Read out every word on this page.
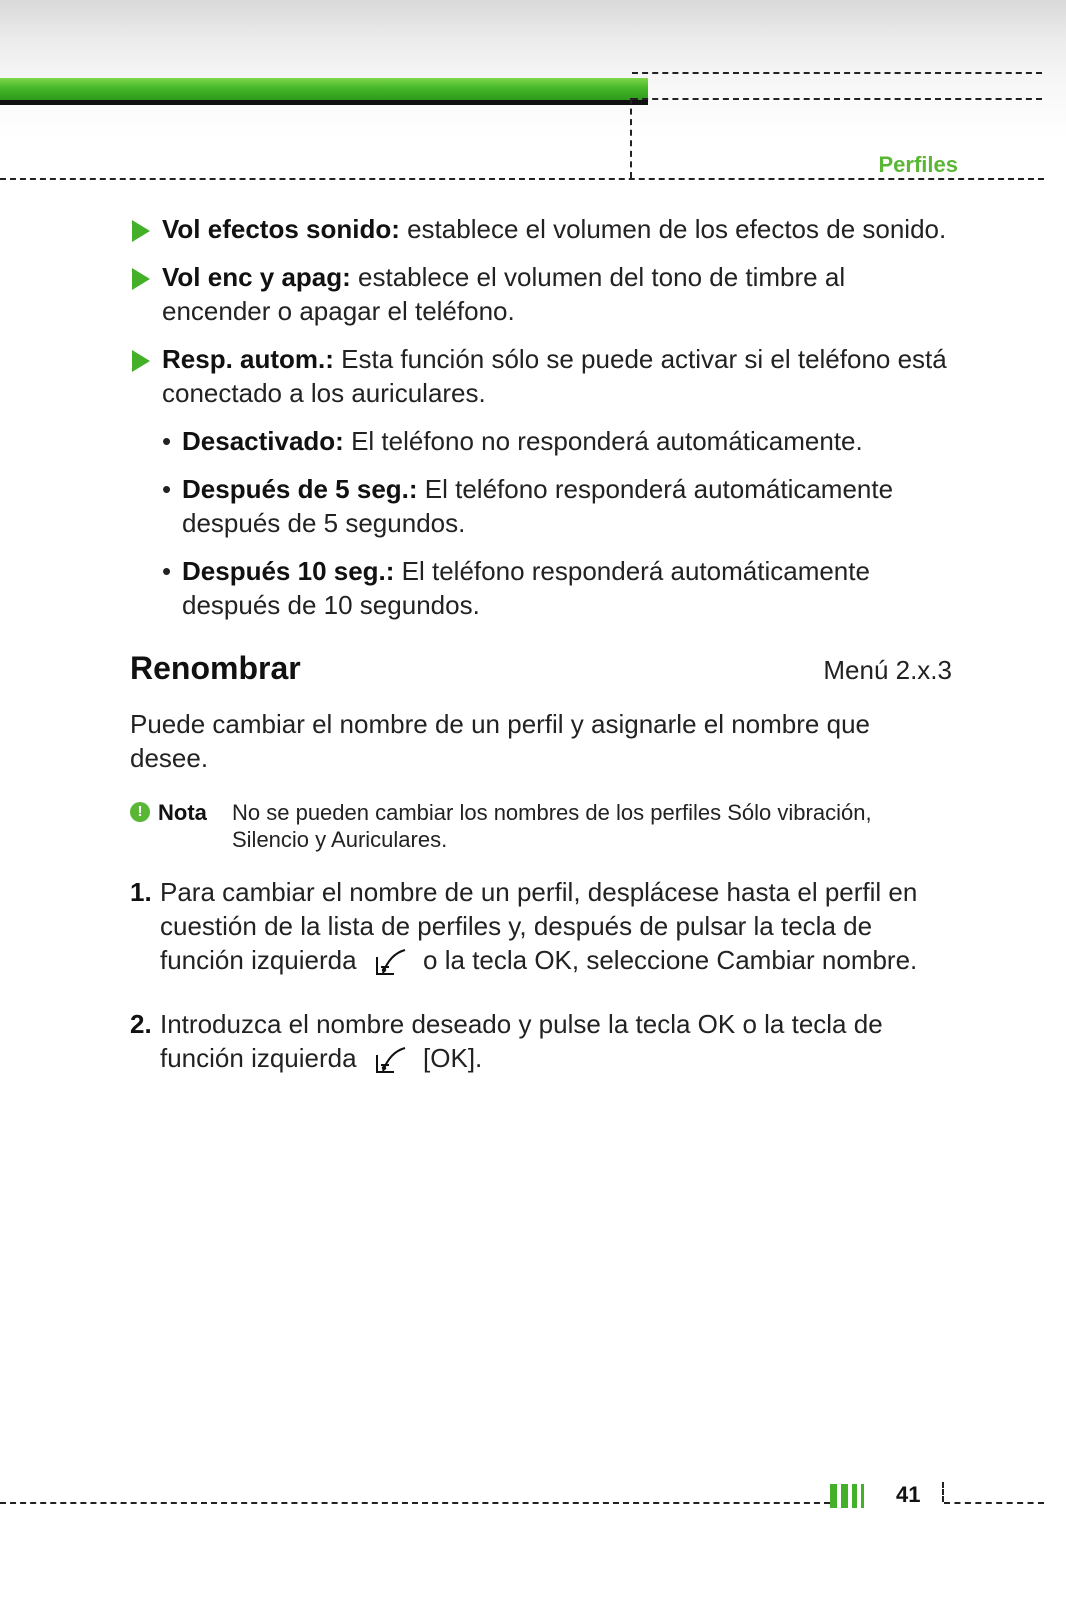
Perfiles
Vol efectos sonido: establece el volumen de los efectos de sonido.
Vol enc y apag: establece el volumen del tono de timbre al encender o apagar el teléfono.
Resp. autom.: Esta función sólo se puede activar si el teléfono está conectado a los auriculares.
• Desactivado: El teléfono no responderá automáticamente.
• Después de 5 seg.: El teléfono responderá automáticamente después de 5 segundos.
• Después 10 seg.: El teléfono responderá automáticamente después de 10 segundos.
Renombrar	Menú 2.x.3
Puede cambiar el nombre de un perfil y asignarle el nombre que desee.
! Nota	No se pueden cambiar los nombres de los perfiles Sólo vibración, Silencio y Auriculares.
1. Para cambiar el nombre de un perfil, desplácese hasta el perfil en cuestión de la lista de perfiles y, después de pulsar la tecla de función izquierda	o la tecla OK, seleccione Cambiar nombre.
2. Introduzca el nombre deseado y pulse la tecla OK o la tecla de función izquierda	[OK].
41
